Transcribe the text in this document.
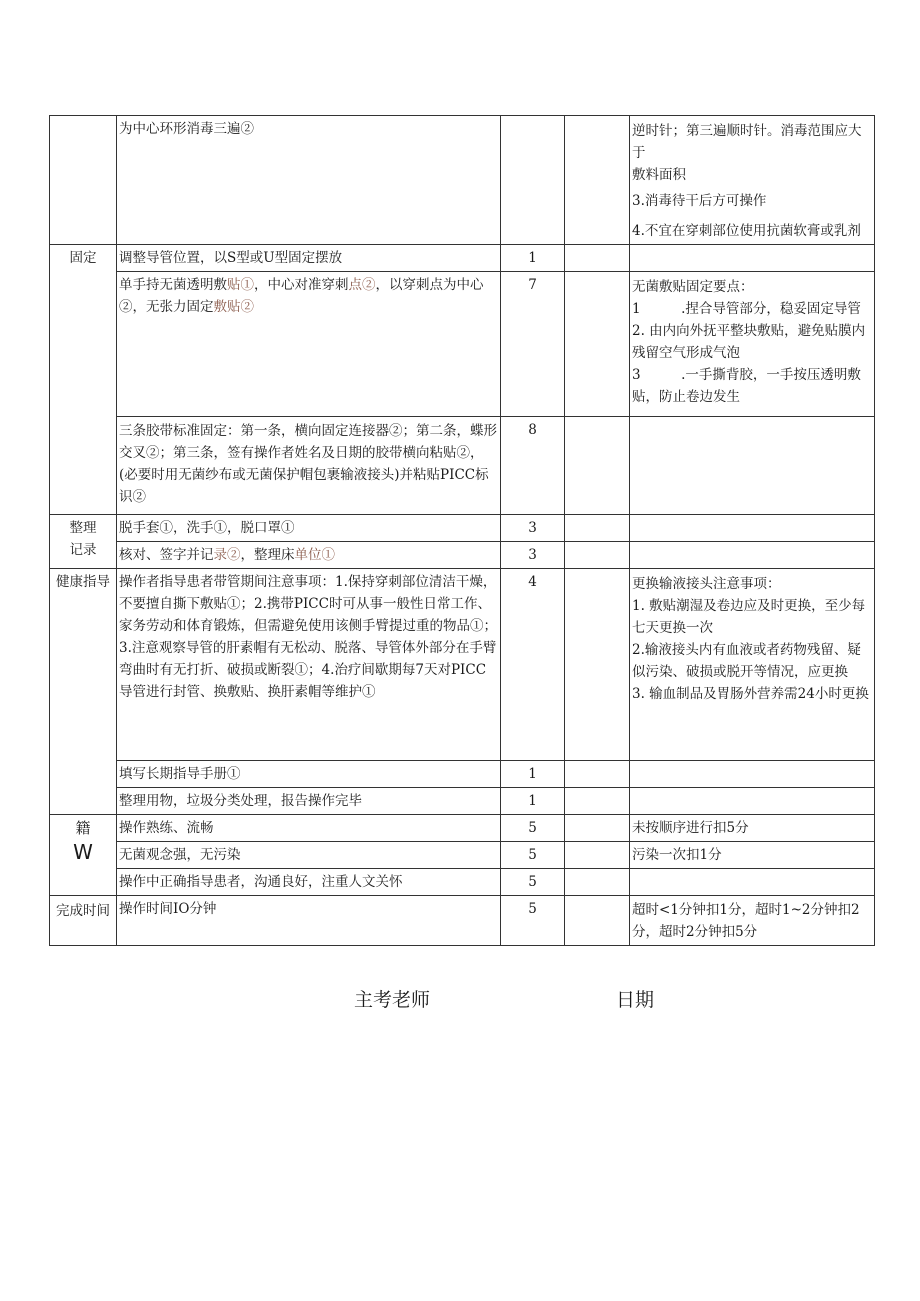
	为中心环形消毒三遍②			逆时针；第三遍顺时针。消毒范围应大于
敷料面积
3.消毒待干后方可操作
4.不宜在穿刺部位使用抗菌软膏或乳剂

固定	调整导管位置，以S型或U型固定摆放	1		
	单手持无菌透明敷贴①，中心对准穿刺点②，以穿刺点为中心②，无张力固定敷贴②	7		无菌敷贴固定要点：
1　　　.捏合导管部分，稳妥固定导管
2. 由内向外抚平整块敷贴，避免贴膜内残留空气形成气泡
3　　　.一手撕背胶，一手按压透明敷贴，防止卷边发生

	三条胶带标准固定：第一条，横向固定连接器②；第二条，蝶形交叉②；第三条，签有操作者姓名及日期的胶带横向粘贴②，(必要时用无菌纱布或无菌保护帽包裹输液接头)并粘贴PICC标识②	8		
整理
记录	脱手套①，洗手①，脱口罩①	3		
	核对、签字并记录②，整理床单位①	3		
健康指导	操作者指导患者带管期间注意事项：1.保持穿刺部位清洁干燥，不要擅自撕下敷贴①；2.携带PICC时可从事一般性日常工作、家务劳动和体育锻炼，但需避免使用该侧手臂提过重的物品①；3.注意观察导管的肝素帽有无松动、脱落、导管体外部分在手臂弯曲时有无打折、破损或断裂①；4.治疗间歇期每7天对PICC导管进行封管、换敷贴、换肝素帽等维护①	4		更换输液接头注意事项：
1. 敷贴潮湿及卷边应及时更换，至少每七天更换一次
2.输液接头内有血液或者药物残留、疑似污染、破损或脱开等情况，应更换
3. 输血制品及胃肠外营养需24小时更换

	填写长期指导手册①	1		
	整理用物，垃圾分类处理，报告操作完毕	1		
籍
W	操作熟练、流畅	5		未按顺序进行扣5分
	无菌观念强，无污染	5		污染一次扣1分
	操作中正确指导患者，沟通良好，注重人文关怀	5		
完成时间	操作时间IO分钟	5		超时<1分钟扣1分，超时1~2分钟扣2分，超时2分钟扣5分
主考老师	日期
